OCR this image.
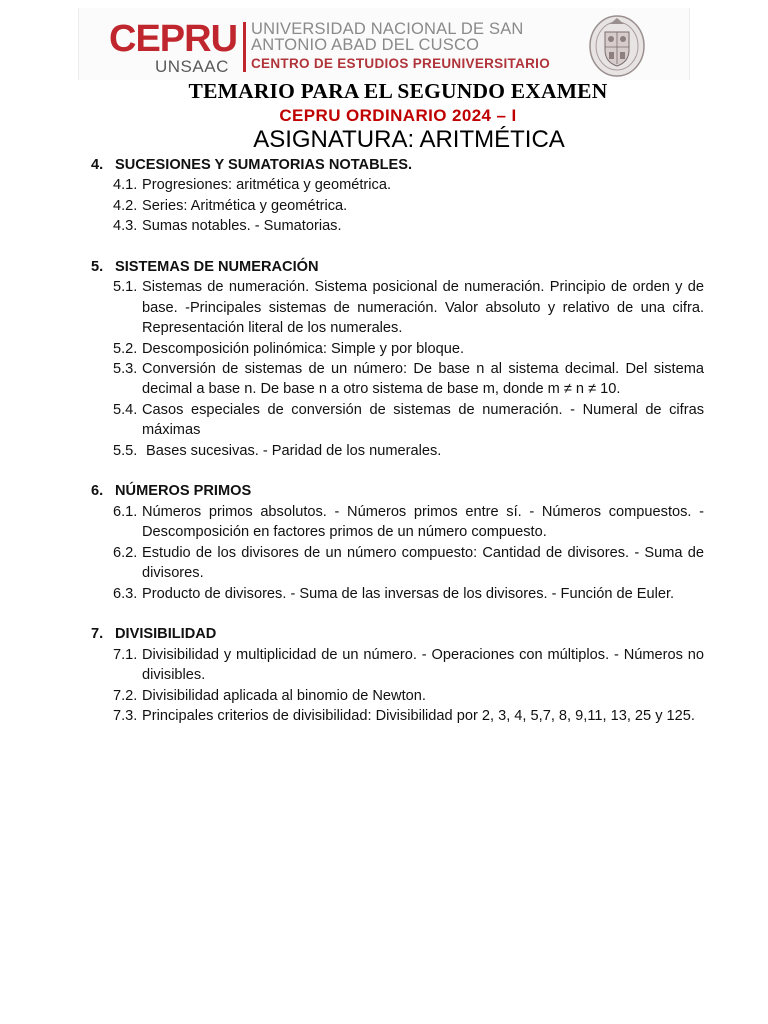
CEPRU
UNSAAC
UNIVERSIDAD NACIONAL DE SAN
ANTONIO ABAD DEL CUSCO
CENTRO DE ESTUDIOS PREUNIVERSITARIO
TEMARIO PARA EL SEGUNDO EXAMEN
CEPRU ORDINARIO 2024 – I
ASIGNATURA: ARITMÉTICA
4. SUCESIONES Y SUMATORIAS NOTABLES.
4.1. Progresiones: aritmética y geométrica.
4.2. Series: Aritmética y geométrica.
4.3. Sumas notables. - Sumatorias.
5. SISTEMAS DE NUMERACIÓN
5.1. Sistemas de numeración. Sistema posicional de numeración. Principio de orden y de base. -Principales sistemas de numeración. Valor absoluto y relativo de una cifra. Representación literal de los numerales.
5.2. Descomposición polinómica: Simple y por bloque.
5.3. Conversión de sistemas de un número: De base n al sistema decimal. Del sistema decimal a base n. De base n a otro sistema de base m, donde m ≠ n ≠ 10.
5.4. Casos especiales de conversión de sistemas de numeración. - Numeral de cifras máximas
5.5. Bases sucesivas. - Paridad de los numerales.
6. NÚMEROS PRIMOS
6.1. Números primos absolutos. - Números primos entre sí. - Números compuestos. - Descomposición en factores primos de un número compuesto.
6.2. Estudio de los divisores de un número compuesto: Cantidad de divisores. - Suma de divisores.
6.3. Producto de divisores. - Suma de las inversas de los divisores. - Función de Euler.
7. DIVISIBILIDAD
7.1. Divisibilidad y multiplicidad de un número. - Operaciones con múltiplos. - Números no divisibles.
7.2. Divisibilidad aplicada al binomio de Newton.
7.3. Principales criterios de divisibilidad: Divisibilidad por 2, 3, 4, 5,7, 8, 9,11, 13, 25 y 125.
